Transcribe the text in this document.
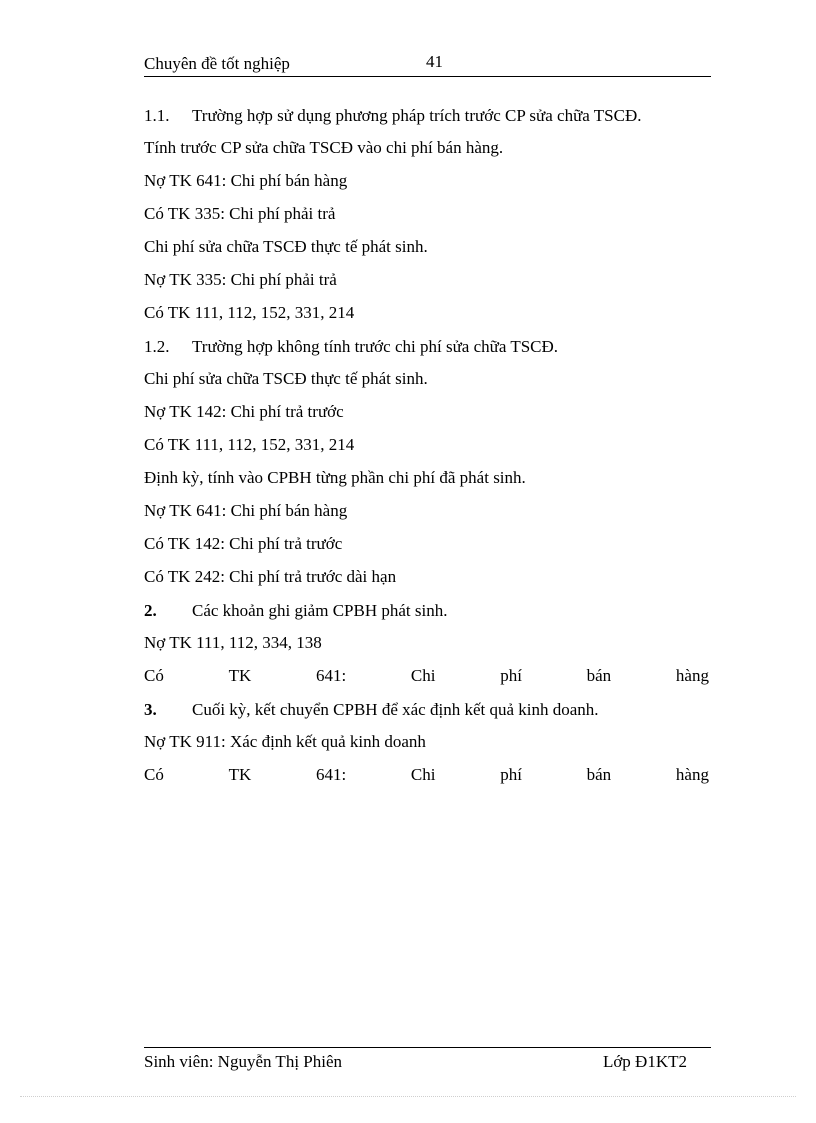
Chuyên đề tốt nghiệp	41
1.1. Trường hợp sử dụng phương pháp trích trước CP sửa chữa TSCĐ.
Tính trước CP sửa chữa TSCĐ vào chi phí bán hàng.
Nợ TK 641: Chi phí bán hàng
Có TK 335: Chi phí phải trả
Chi phí sửa chữa TSCĐ thực tế phát sinh.
Nợ TK 335: Chi phí phải trả
Có TK 111, 112, 152, 331, 214
1.2. Trường hợp không tính trước chi phí sửa chữa TSCĐ.
Chi phí sửa chữa TSCĐ thực tế phát sinh.
Nợ TK 142: Chi phí trả trước
Có TK 111, 112, 152, 331, 214
Định kỳ, tính vào CPBH từng phần chi phí đã phát sinh.
Nợ TK 641: Chi phí bán hàng
Có TK 142: Chi phí trả trước
Có TK 242: Chi phí trả trước dài hạn
2. Các khoản ghi giảm CPBH phát sinh.
Nợ TK 111, 112, 334, 138
Có	TK	641:	Chi	phí	bán	hàng
3. Cuối kỳ, kết chuyển CPBH để xác định kết quả kinh doanh.
Nợ TK 911: Xác định kết quả kinh doanh
Có	TK	641:	Chi	phí	bán	hàng
Sinh viên: Nguyễn Thị Phiên	Lớp Đ1KT2
